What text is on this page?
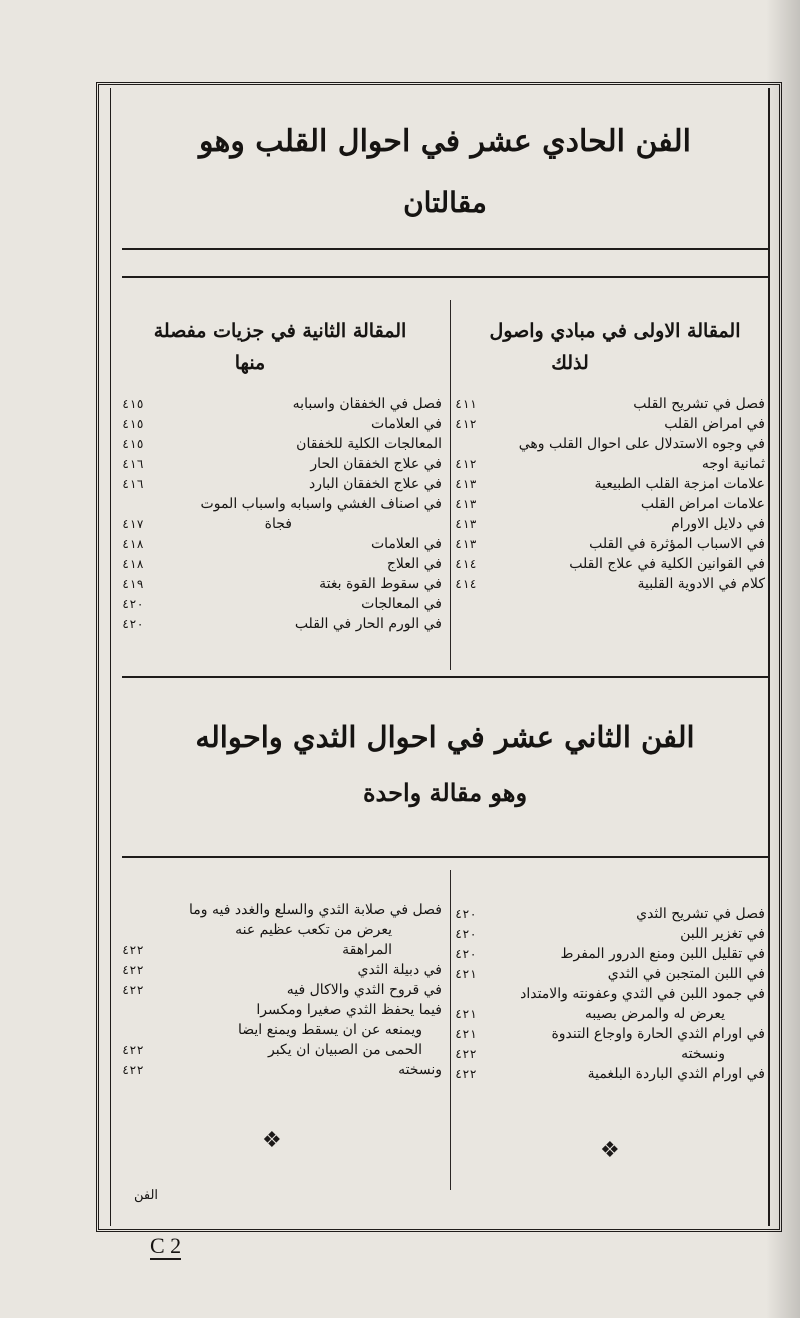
الفن الحادي عشر في احوال القلب وهو
مقالتان
المقالة الاولى في مبادي واصول
لذلك
المقالة الثانية في جزيات مفصلة
منها
فصل في تشريح القلب
٤١١
في امراض القلب
٤١٢
في وجوه الاستدلال على احوال القلب وهي
ثمانية اوجه
٤١٢
علامات امزجة القلب الطبيعية
٤١٣
علامات امراض القلب
٤١٣
في دلايل الاورام
٤١٣
في الاسباب المؤثرة في القلب
٤١٣
في القوانين الكلية في علاج القلب
٤١٤
كلام في الادوية القلبية
٤١٤
فصل في الخفقان واسبابه
٤١٥
في العلامات
٤١٥
المعالجات الكلية للخفقان
٤١٥
في علاج الخفقان الحار
٤١٦
في علاج الخفقان البارد
٤١٦
في اصناف الغشي واسبابه واسباب الموت
فجاة
٤١٧
في العلامات
٤١٨
في العلاج
٤١٨
في سقوط القوة بغتة
٤١٩
في المعالجات
٤٢٠
في الورم الحار في القلب
٤٢٠
الفن الثاني عشر في احوال الثدي واحواله
وهو مقالة واحدة
فصل في تشريح الثدي
٤٢٠
في تغزير اللبن
٤٢٠
في تقليل اللبن ومنع الدرور المفرط
٤٢٠
في اللبن المتجبن في الثدي
٤٢١
في جمود اللبن في الثدي وعفونته والامتداد
يعرض له والمرض بصيبه
٤٢١
في اورام الثدي الحارة واوجاع التندوة
٤٢١
ونسخته
٤٢٢
في اورام الثدي الباردة البلغمية
٤٢٢
فصل في صلابة الثدي والسلع والغدد فيه وما
يعرض من تكعب عظيم عنه
المراهقة
٤٢٢
في دبيلة الثدي
٤٢٢
في قروح الثدي والاكال فيه
٤٢٢
فيما يحفظ الثدي صغيرا ومكسرا
ويمنعه عن ان يسقط ويمنع ايضا
الحمى من الصبيان ان يكبر
٤٢٢
ونسخته
٤٢٢
❖	❖
الفن
C 2
